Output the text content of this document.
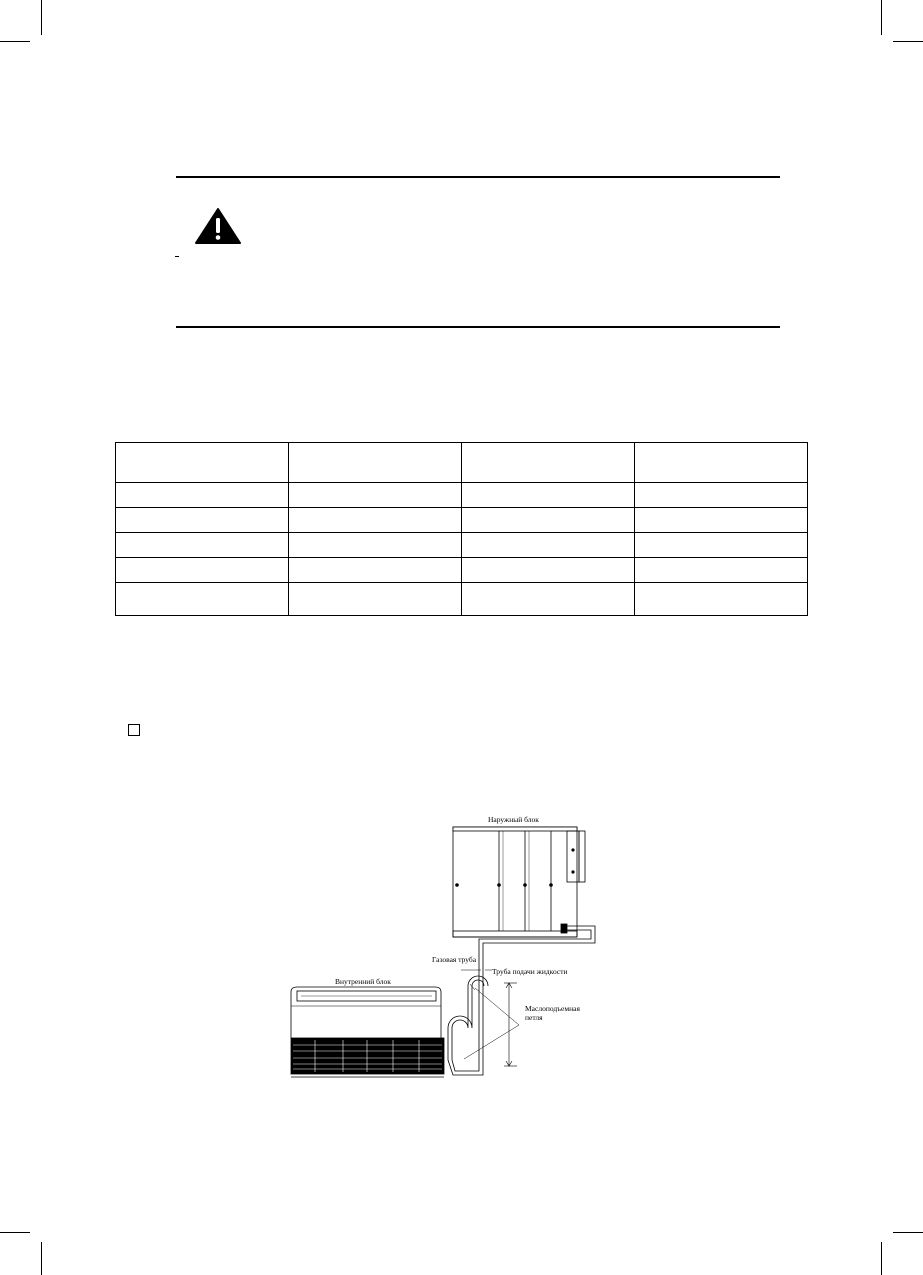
Наружный блок
Газовая труба
Труба подачи жидкости
Маслоподъемная
петля
Внутренний блок
